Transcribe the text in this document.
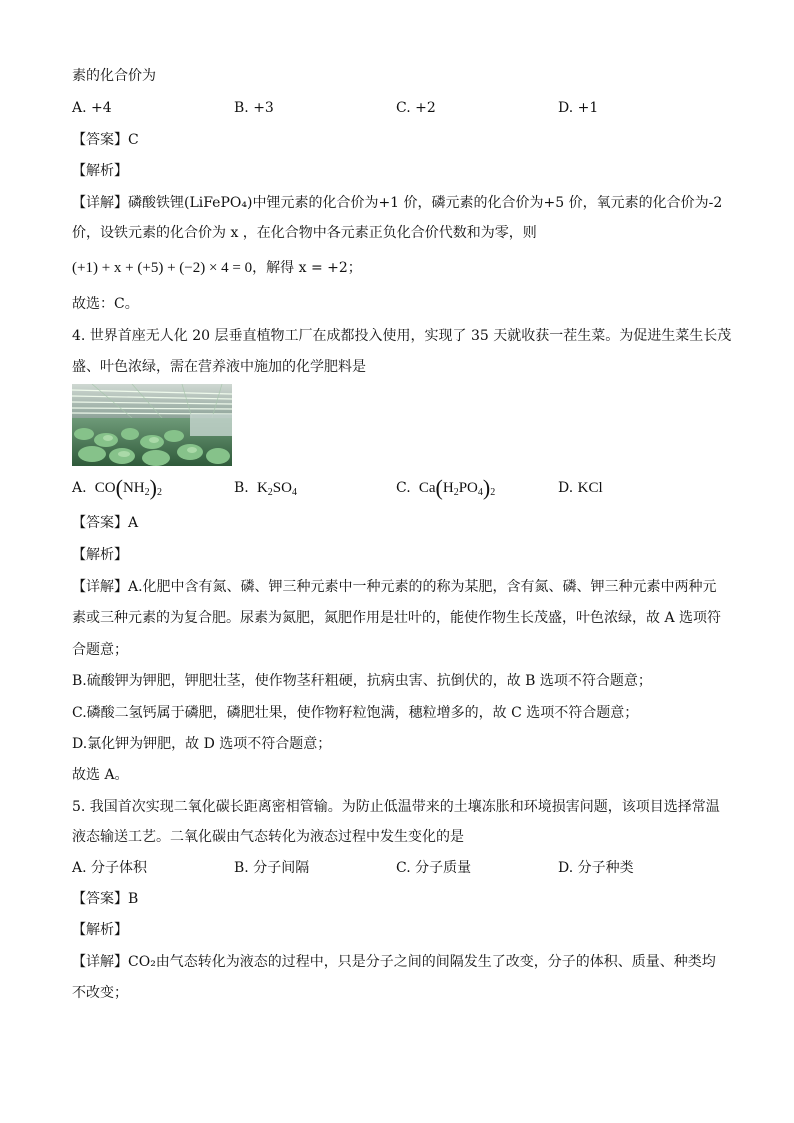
素的化合价为
A. +4	B. +3	C. +2	D. +1
【答案】C
【解析】
【详解】磷酸铁锂(LiFePO₄)中锂元素的化合价为+1 价，磷元素的化合价为+5 价，氧元素的化合价为-2
价，设铁元素的化合价为 x ，在化合物中各元素正负化合价代数和为零，则
(+1) + x + (+5) + (−2) × 4 = 0，解得 x = +2；
故选：C。
4. 世界首座无人化 20 层垂直植物工厂在成都投入使用，实现了 35 天就收获一茬生菜。为促进生菜生长茂
盛、叶色浓绿，需在营养液中施加的化学肥料是
A.  $CO(NH_2)_2$	B.  $K_2SO_4$	C.  $Ca(H_2PO_4)_2$	D. KCl
【答案】A
【解析】
【详解】A.化肥中含有氮、磷、钾三种元素中一种元素的的称为某肥，含有氮、磷、钾三种元素中两种元
素或三种元素的为复合肥。尿素为氮肥，氮肥作用是壮叶的，能使作物生长茂盛，叶色浓绿，故 A 选项符
合题意；
B.硫酸钾为钾肥，钾肥壮茎，使作物茎秆粗硬，抗病虫害、抗倒伏的，故 B 选项不符合题意；
C.磷酸二氢钙属于磷肥，磷肥壮果，使作物籽粒饱满，穗粒增多的，故 C 选项不符合题意；
D.氯化钾为钾肥，故 D 选项不符合题意；
故选 A。
5. 我国首次实现二氧化碳长距离密相管输。为防止低温带来的土壤冻胀和环境损害问题，该项目选择常温
液态输送工艺。二氧化碳由气态转化为液态过程中发生变化的是
A. 分子体积	B. 分子间隔	C. 分子质量	D. 分子种类
【答案】B
【解析】
【详解】CO₂由气态转化为液态的过程中，只是分子之间的间隔发生了改变，分子的体积、质量、种类均
不改变；
